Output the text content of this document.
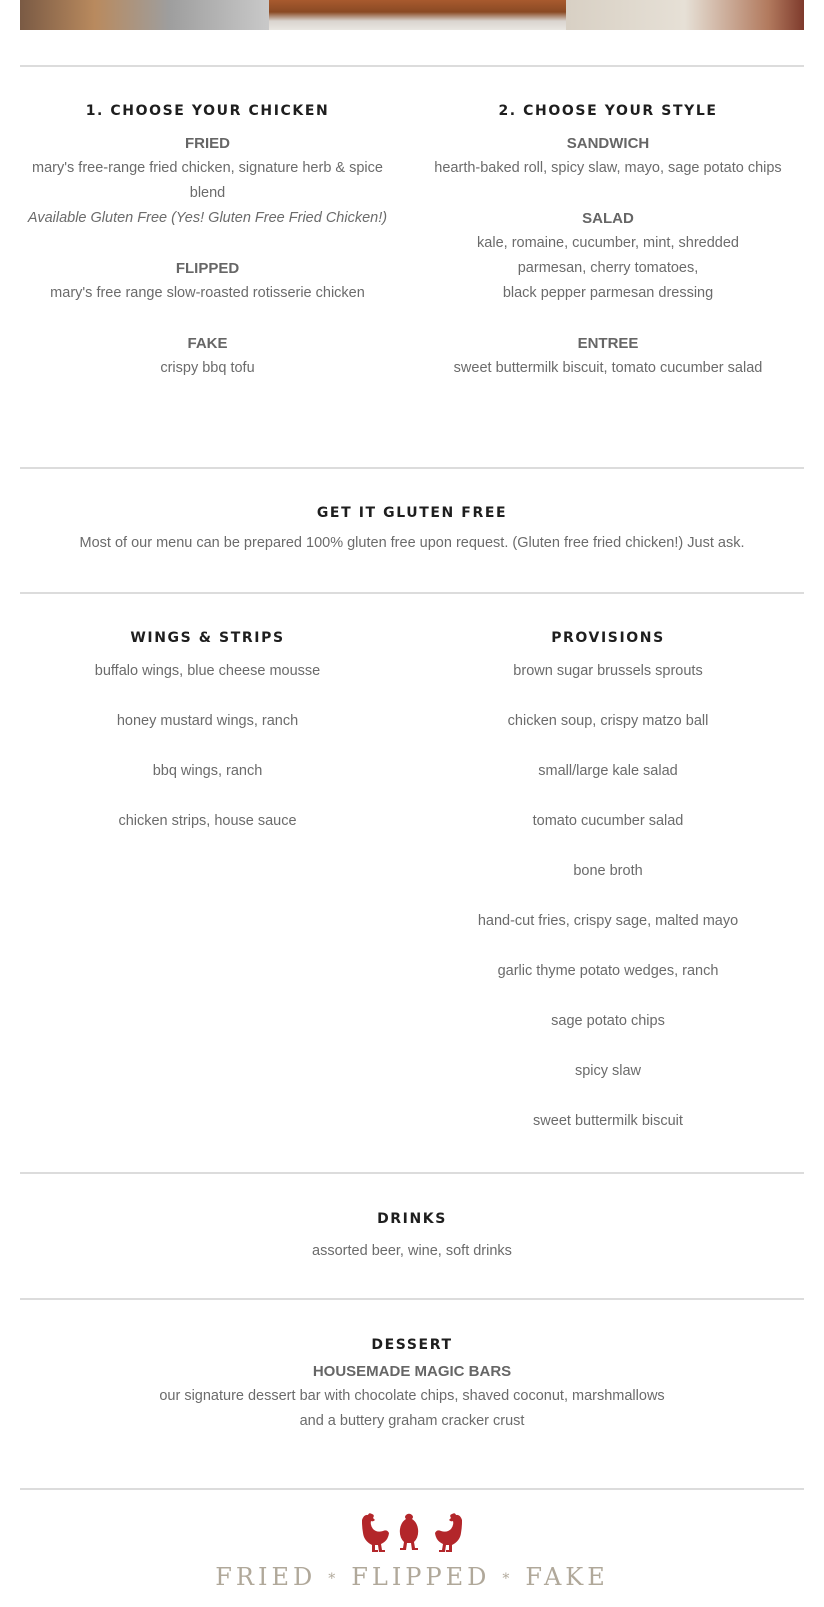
1. CHOOSE YOUR CHICKEN
FRIED
mary's free-range fried chicken, signature herb & spice
blend
Available Gluten Free (Yes! Gluten Free Fried Chicken!)
FLIPPED
mary's free range slow-roasted rotisserie chicken
FAKE
crispy bbq tofu
2. CHOOSE YOUR STYLE
SANDWICH
hearth-baked roll, spicy slaw, mayo, sage potato chips
SALAD
kale, romaine, cucumber, mint, shredded
parmesan, cherry tomatoes,
black pepper parmesan dressing
ENTREE
sweet buttermilk biscuit, tomato cucumber salad
GET IT GLUTEN FREE
Most of our menu can be prepared 100% gluten free upon request. (Gluten free fried chicken!) Just ask.
WINGS & STRIPS
buffalo wings, blue cheese mousse
honey mustard wings, ranch
bbq wings, ranch
chicken strips, house sauce
PROVISIONS
brown sugar brussels sprouts
chicken soup, crispy matzo ball
small/large kale salad
tomato cucumber salad
bone broth
hand-cut fries, crispy sage, malted mayo
garlic thyme potato wedges, ranch
sage potato chips
spicy slaw
sweet buttermilk biscuit
DRINKS
assorted beer, wine, soft drinks
DESSERT
HOUSEMADE MAGIC BARS
our signature dessert bar with chocolate chips, shaved coconut, marshmallows
and a buttery graham cracker crust

FRIED * FLIPPED * FAKE
